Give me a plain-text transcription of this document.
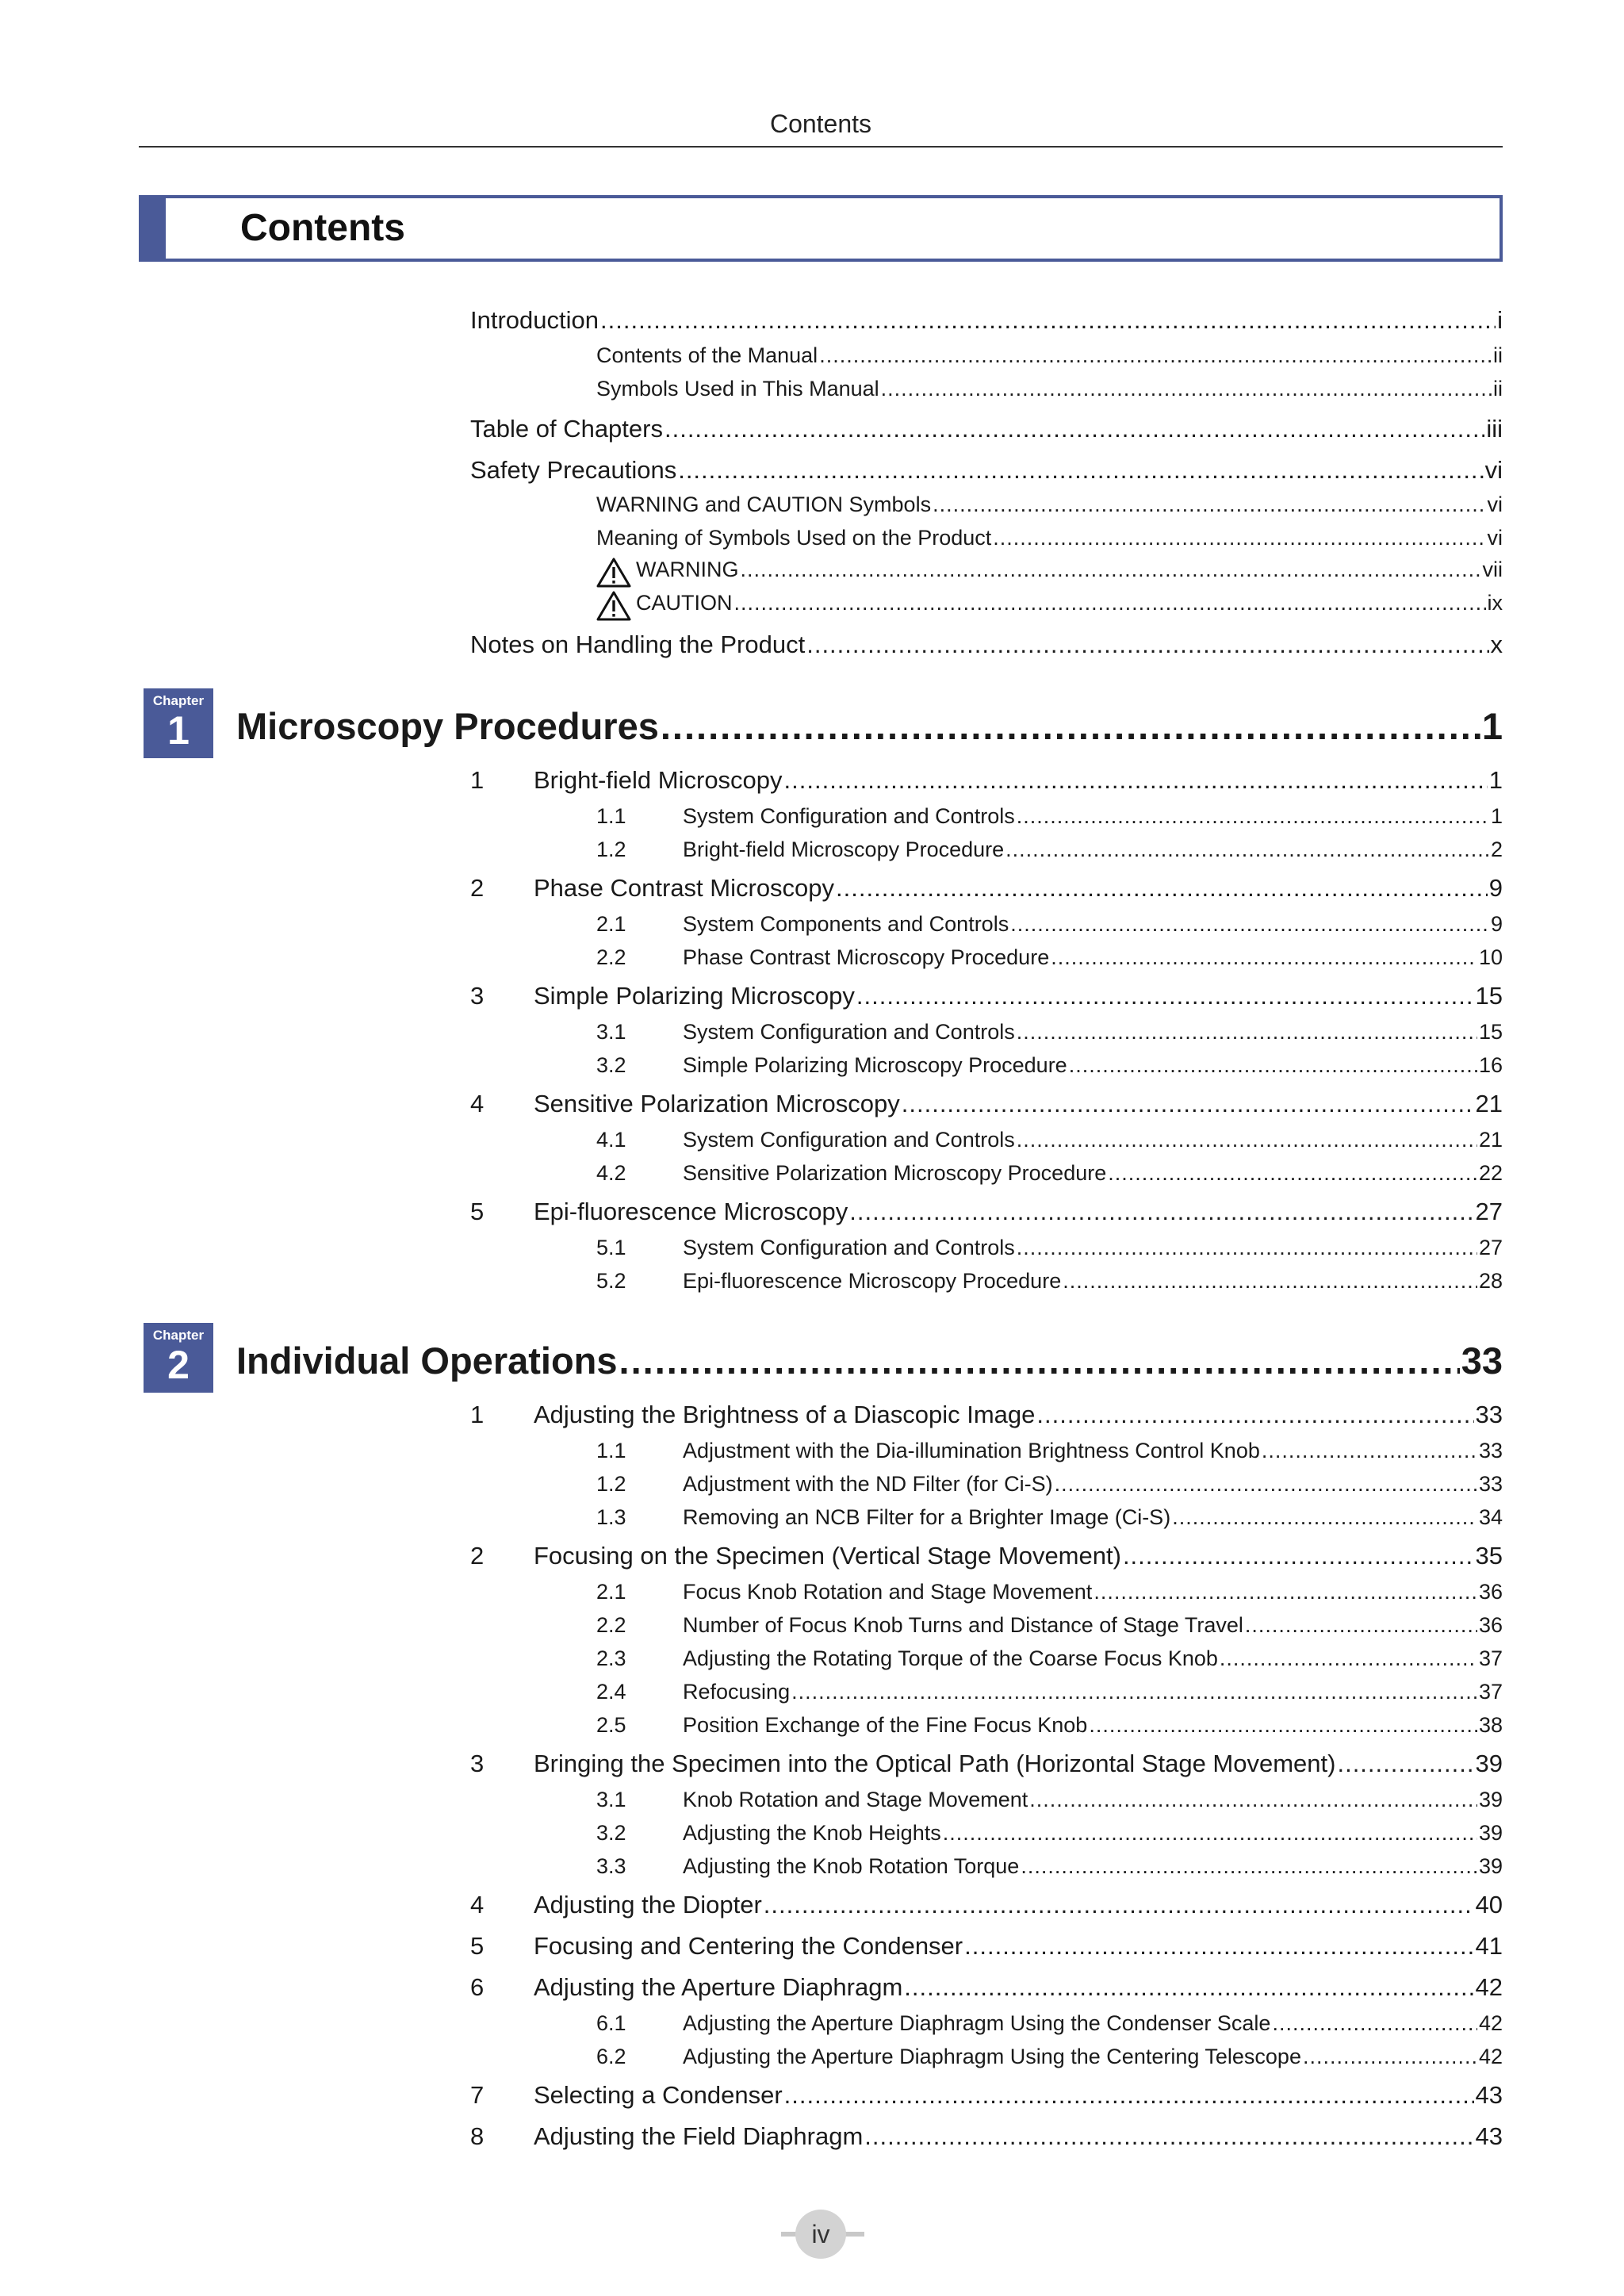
Contents
Contents
Introduction .....	i
Contents of the Manual .....	ii
Symbols Used in This Manual .....	ii
Table of Chapters .....	iii
Safety Precautions .....	vi
WARNING and CAUTION Symbols .....	vi
Meaning of Symbols Used on the Product .....	vi
WARNING .....	vii
CAUTION .....	ix
Notes on Handling the Product .....	x
Chapter
1	Microscopy Procedures .....	1
1	Bright-field Microscopy .....	1
1.1	System Configuration and Controls .....	1
1.2	Bright-field Microscopy Procedure .....	2
2	Phase Contrast Microscopy .....	9
2.1	System Components and Controls .....	9
2.2	Phase Contrast Microscopy Procedure .....	10
3	Simple Polarizing Microscopy .....	15
3.1	System Configuration and Controls .....	15
3.2	Simple Polarizing Microscopy Procedure .....	16
4	Sensitive Polarization Microscopy .....	21
4.1	System Configuration and Controls .....	21
4.2	Sensitive Polarization Microscopy Procedure .....	22
5	Epi-fluorescence Microscopy .....	27
5.1	System Configuration and Controls .....	27
5.2	Epi-fluorescence Microscopy Procedure .....	28
Chapter
2	Individual Operations .....	33
1	Adjusting the Brightness of a Diascopic Image .....	33
1.1	Adjustment with the Dia-illumination Brightness Control Knob .....	33
1.2	Adjustment with the ND Filter (for Ci-S) .....	33
1.3	Removing an NCB Filter for a Brighter Image (Ci-S) .....	34
2	Focusing on the Specimen (Vertical Stage Movement) .....	35
2.1	Focus Knob Rotation and Stage Movement .....	36
2.2	Number of Focus Knob Turns and Distance of Stage Travel .....	36
2.3	Adjusting the Rotating Torque of the Coarse Focus Knob .....	37
2.4	Refocusing .....	37
2.5	Position Exchange of the Fine Focus Knob .....	38
3	Bringing the Specimen into the Optical Path (Horizontal Stage Movement) .....	39
3.1	Knob Rotation and Stage Movement .....	39
3.2	Adjusting the Knob Heights .....	39
3.3	Adjusting the Knob Rotation Torque .....	39
4	Adjusting the Diopter .....	40
5	Focusing and Centering the Condenser .....	41
6	Adjusting the Aperture Diaphragm .....	42
6.1	Adjusting the Aperture Diaphragm Using the Condenser Scale .....	42
6.2	Adjusting the Aperture Diaphragm Using the Centering Telescope .....	42
7	Selecting a Condenser .....	43
8	Adjusting the Field Diaphragm .....	43
iv
